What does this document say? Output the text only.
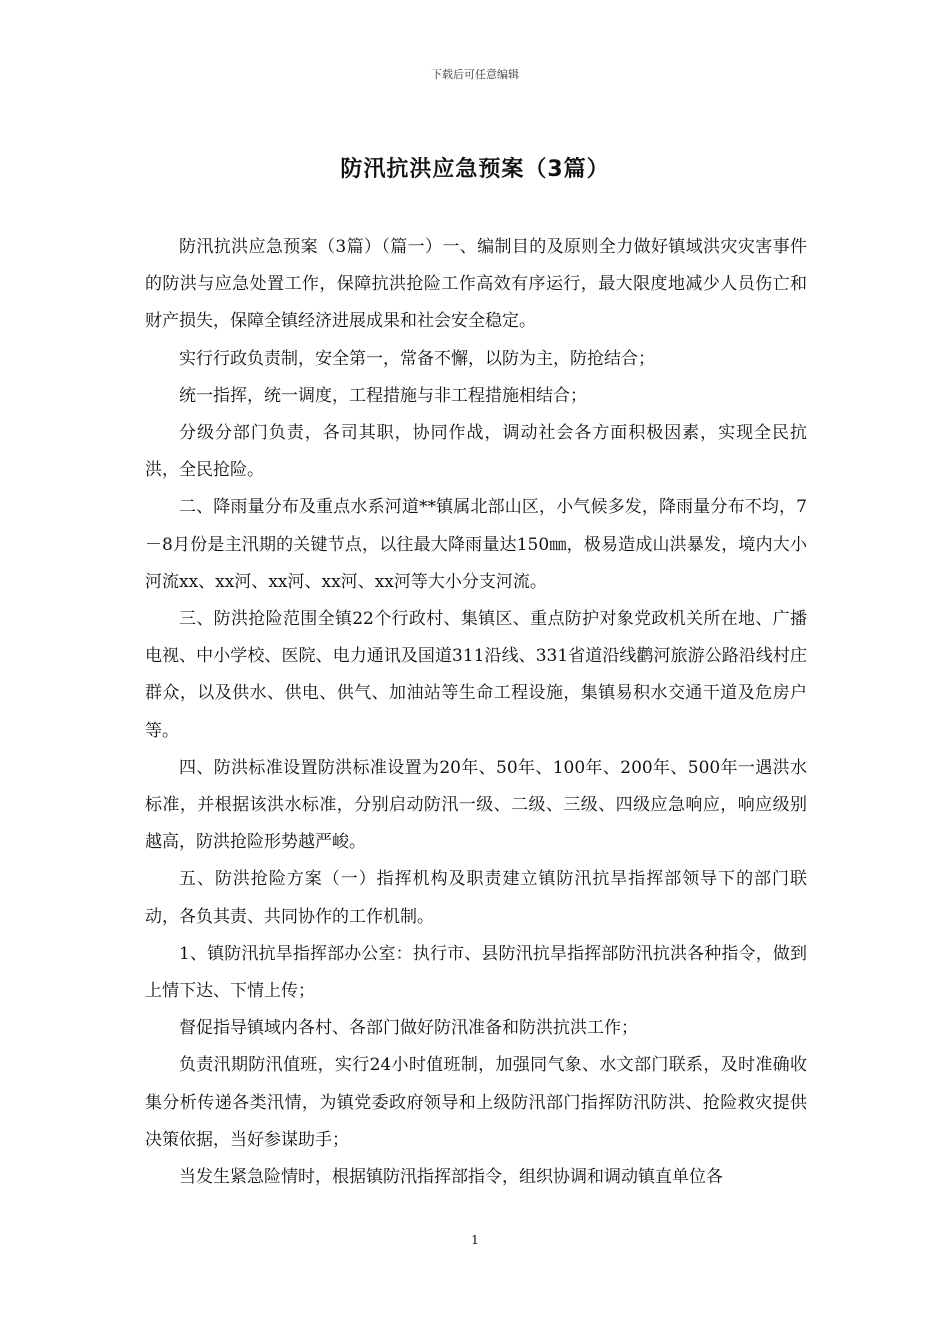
下载后可任意编辑
防汛抗洪应急预案（3篇）

防汛抗洪应急预案（3篇）（篇一）一、编制目的及原则全力做好镇域洪灾灾害事件的防洪与应急处置工作，保障抗洪抢险工作高效有序运行，最大限度地减少人员伤亡和财产损失，保障全镇经济进展成果和社会安全稳定。

实行行政负责制，安全第一，常备不懈，以防为主，防抢结合；

统一指挥，统一调度，工程措施与非工程措施相结合；

分级分部门负责，各司其职，协同作战，调动社会各方面积极因素，实现全民抗洪，全民抢险。

二、降雨量分布及重点水系河道**镇属北部山区，小气候多发，降雨量分布不均，7－8月份是主汛期的关键节点，以往最大降雨量达150㎜，极易造成山洪暴发，境内大小河流xx、xx河、xx河、xx河、xx河等大小分支河流。

三、防洪抢险范围全镇22个行政村、集镇区、重点防护对象党政机关所在地、广播电视、中小学校、医院、电力通讯及国道311沿线、331省道沿线鹳河旅游公路沿线村庄群众，以及供水、供电、供气、加油站等生命工程设施，集镇易积水交通干道及危房户等。

四、防洪标准设置防洪标准设置为20年、50年、100年、200年、500年一遇洪水标准，并根据该洪水标准，分别启动防汛一级、二级、三级、四级应急响应，响应级别越高，防洪抢险形势越严峻。

五、防洪抢险方案（一）指挥机构及职责建立镇防汛抗旱指挥部领导下的部门联动，各负其责、共同协作的工作机制。

1、镇防汛抗旱指挥部办公室：执行市、县防汛抗旱指挥部防汛抗洪各种指令，做到上情下达、下情上传；

督促指导镇域内各村、各部门做好防汛准备和防洪抗洪工作；

负责汛期防汛值班，实行24小时值班制，加强同气象、水文部门联系，及时准确收集分析传递各类汛情，为镇党委政府领导和上级防汛部门指挥防汛防洪、抢险救灾提供决策依据，当好参谋助手；

当发生紧急险情时，根据镇防汛指挥部指令，组织协调和调动镇直单位各

1
